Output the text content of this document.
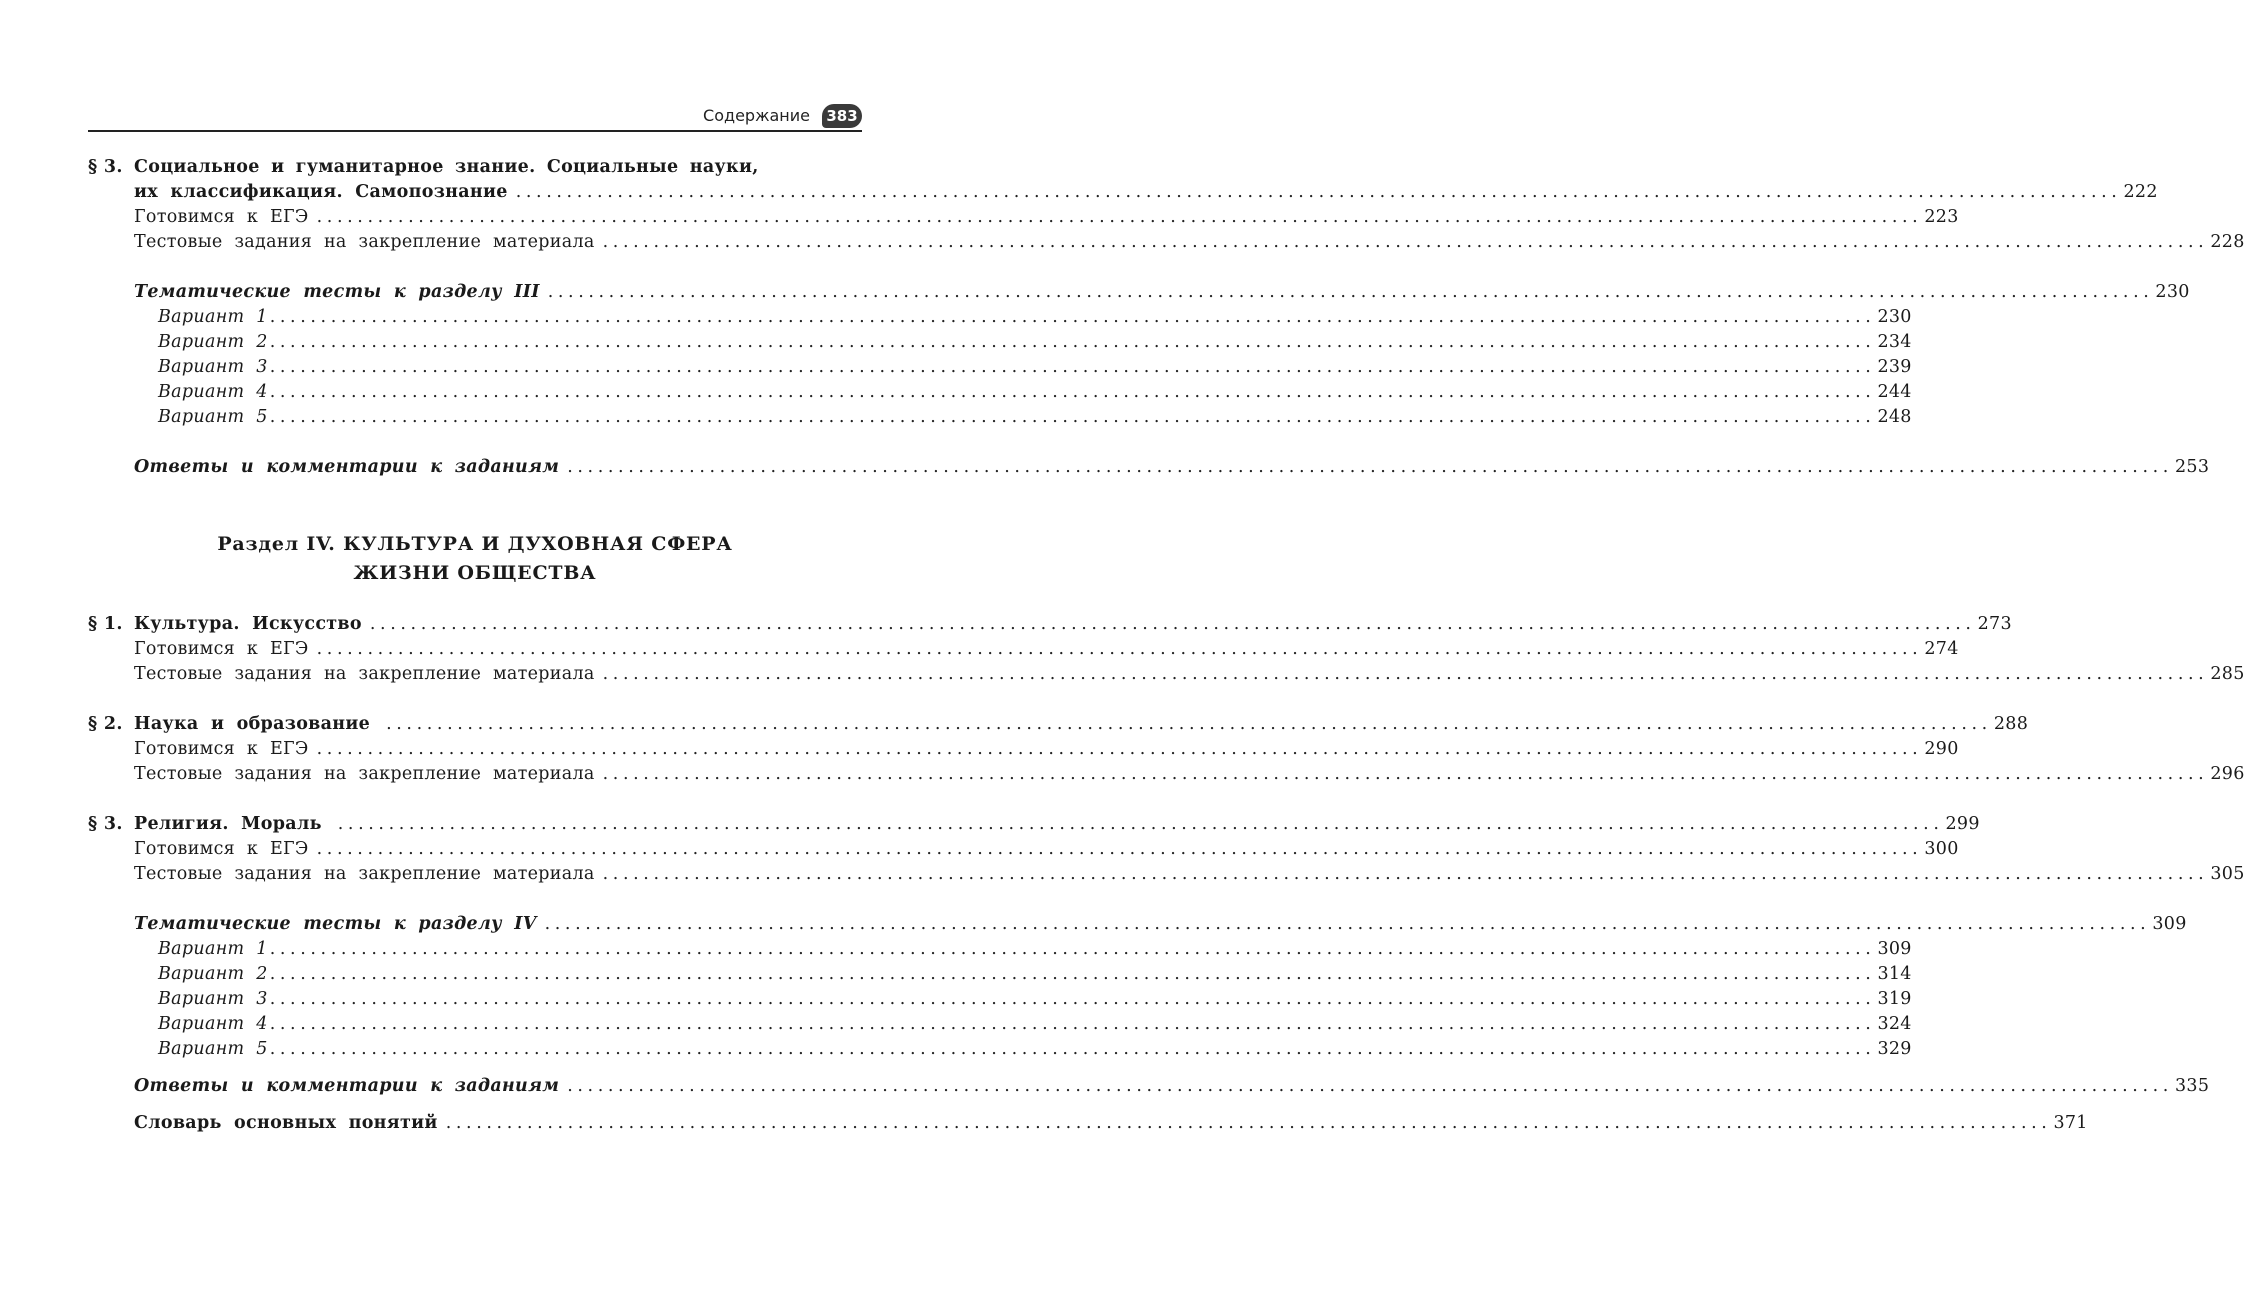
Содержание 383
§ 3. Социальное и гуманитарное знание. Социальные науки,
их классификация. Самопознание .............................................................................................................................................................. 222
Готовимся к ЕГЭ .............................................................................................................................................................. 223
Тестовые задания на закрепление материала .............................................................................................................................................................. 228
Тематические тесты к разделу III .............................................................................................................................................................. 230
Вариант 1 .............................................................................................................................................................. 230
Вариант 2 .............................................................................................................................................................. 234
Вариант 3 .............................................................................................................................................................. 239
Вариант 4 .............................................................................................................................................................. 244
Вариант 5 .............................................................................................................................................................. 248
Ответы и комментарии к заданиям .............................................................................................................................................................. 253
Раздел IV. КУЛЬТУРА И ДУХОВНАЯ СФЕРА
ЖИЗНИ ОБЩЕСТВА
§ 1. Культура. Искусство .............................................................................................................................................................. 273
Готовимся к ЕГЭ .............................................................................................................................................................. 274
Тестовые задания на закрепление материала .............................................................................................................................................................. 285
§ 2. Наука и образование .............................................................................................................................................................. 288
Готовимся к ЕГЭ .............................................................................................................................................................. 290
Тестовые задания на закрепление материала .............................................................................................................................................................. 296
§ 3. Религия. Мораль .............................................................................................................................................................. 299
Готовимся к ЕГЭ .............................................................................................................................................................. 300
Тестовые задания на закрепление материала .............................................................................................................................................................. 305
Тематические тесты к разделу IV .............................................................................................................................................................. 309
Вариант 1 .............................................................................................................................................................. 309
Вариант 2 .............................................................................................................................................................. 314
Вариант 3 .............................................................................................................................................................. 319
Вариант 4 .............................................................................................................................................................. 324
Вариант 5 .............................................................................................................................................................. 329
Ответы и комментарии к заданиям .............................................................................................................................................................. 335
Словарь основных понятий .............................................................................................................................................................. 371
